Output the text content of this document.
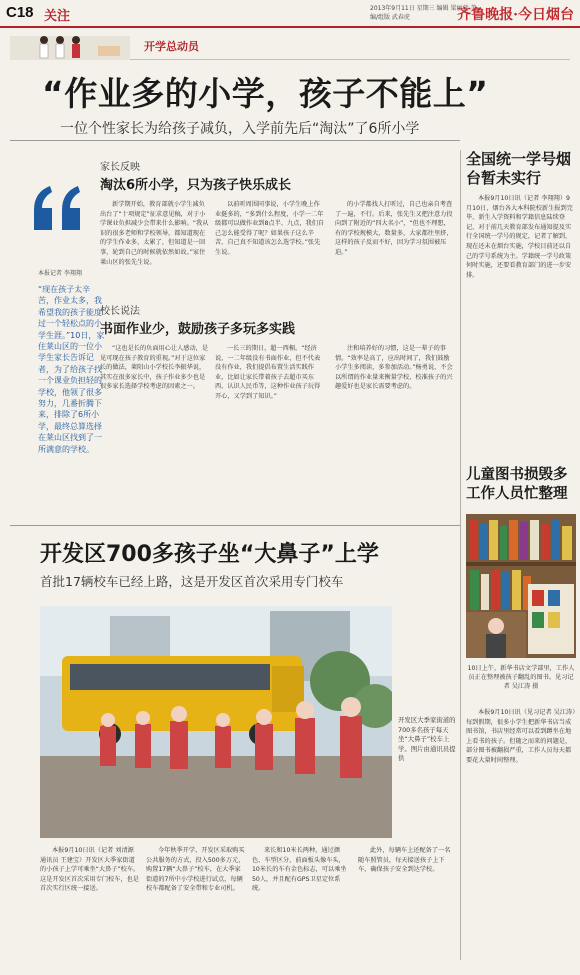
C18 关注
2013年9月11日 星期三 编辑 梁丽萱 美编/组版 武春虎	齐鲁晚报·今日烟台
开学总动员
“作业多的小学，孩子不能上”
一位个性家长为给孩子减负，入学前先后“淘汰”了6所小学
本报记者 李翔翔
“现在孩子太辛苦，作业太多，我希望我的孩子能度过一个轻松点的小学生涯。”10日，家住莱山区的一位小学生家长告诉记者，为了给孩子找一个课业负担轻的学校，他领了很多努力，几番折腾下来，排除了6所小学，最终总算选择在莱山区找到了一所满意的学校。
家长反映
淘汰6所小学，只为孩子快乐成长
新学期开始，教育部就小学生减负出台了“十项规定”征求意见稿，对于小学课业负担减少会带来什么影响。“我从识的很多老师和学校领导，都知道现在的学生作业多，太累了，但知道是一回事，轮到自己的时候就依然如故。”家住莱山区的张先生说。
以前听周围同事说，小学生晚上作业挺多的，“多到什么程度，小学一二年级都可以做作业到8点半、九点，我们自己怎么能受得了呢？如果孩子这么辛苦，自己真不知道该怎么选学校。”张先生说。
的小学都找人打听过，自己也亲自考查了一遍，不行。后来，张先生又把注意力投向到了附近的“四大名小”，“但也不理想，有的学校规模大，数量多，大家都往里挤，这样的孩子反而不好，因为学习氛围被压迫。”
校长说法
书面作业少，鼓励孩子多玩多实践
“这也是长的负面用心让人感动，是见可现在孩子教育的重视。”对于这位家长的做法，莱阳山小学校长李振华说，其实在很多家长中，孩子作业多少也是很多家长选择学校考虑的因素之一。
一长三的期日，超一西楣。“经济说，一二年级没有书面作业，但不代表没有作业，我们提倡布置生活实践作业，比如让家长带着孩子去超市买东西、认识人民币等，这种作业孩子玩得开心，又学到了知识。”
注和培养好的习惯，这是一辈子的事情。“效率是高了，应出时间了，我们鼓励小学生多阅读，多参加活动。”杨勇说，不会以所谓的作业量来衡量学校，校准孩子的兴趣爱好也是家长需要考虑的。
全国统一学号烟台暂未实行
本报9月10日讯（记者 李翔翔）9月10日，烟台各大本科院校新生报到完毕，新生入学资料和学籍信息陆续登记，对于前几天教育部发布通知提及实行全国统一学号的规定，记者了解到，现在还未在烟台实施，学校目前还以自己的学号系统为主。学籍统一学号政策何时实施，还要看教育部门的进一步安排。
开发区700多孩子坐“大鼻子”上学
首批17辆校车已经上路，这是开发区首次采用专门校车
开发区大季家街道的700多名孩子每天坐“大鼻子”校车上学。图片由通讯员提供
本报9月10日讯（记者 刘清源 通讯员 王建宝）开发区大季家街道的小孩子上学可乘坐“大鼻子”校车。这是开发区首次采用专门校车，也是首次实行区统一接送。
今年秋季开学，开发区采取购买公共服务的方式，投入500多万元，购置17辆“大鼻子”校车，在大季家街道的7所中小学校进行试点，每辆校车都配备了安全带和专业司机。
来长和10米长两种，通过颜色、车型区分，前面板头像车头，10米长的车有金色标志，可以乘坐50人，并且配有GPS卫星定位系统。
此外，每辆车上还配备了一名随车照管员，每天接送孩子上下车，确保孩子安全到达学校。
儿童图书损毁多工作人员忙整理
10日上午，新华书店文学部里，工作人员正在整理被孩子翻乱的图书。见习记者 吴江涛 摄
本报9月10日讯（见习记者 吴江涛）每到假期，很多小学生把新华书店当成图书馆，书店里经常可以看到蹲坐在地上看书的孩子。但随之而来的问题是，部分图书被翻损严重，工作人员每天都要花大量时间整理。
